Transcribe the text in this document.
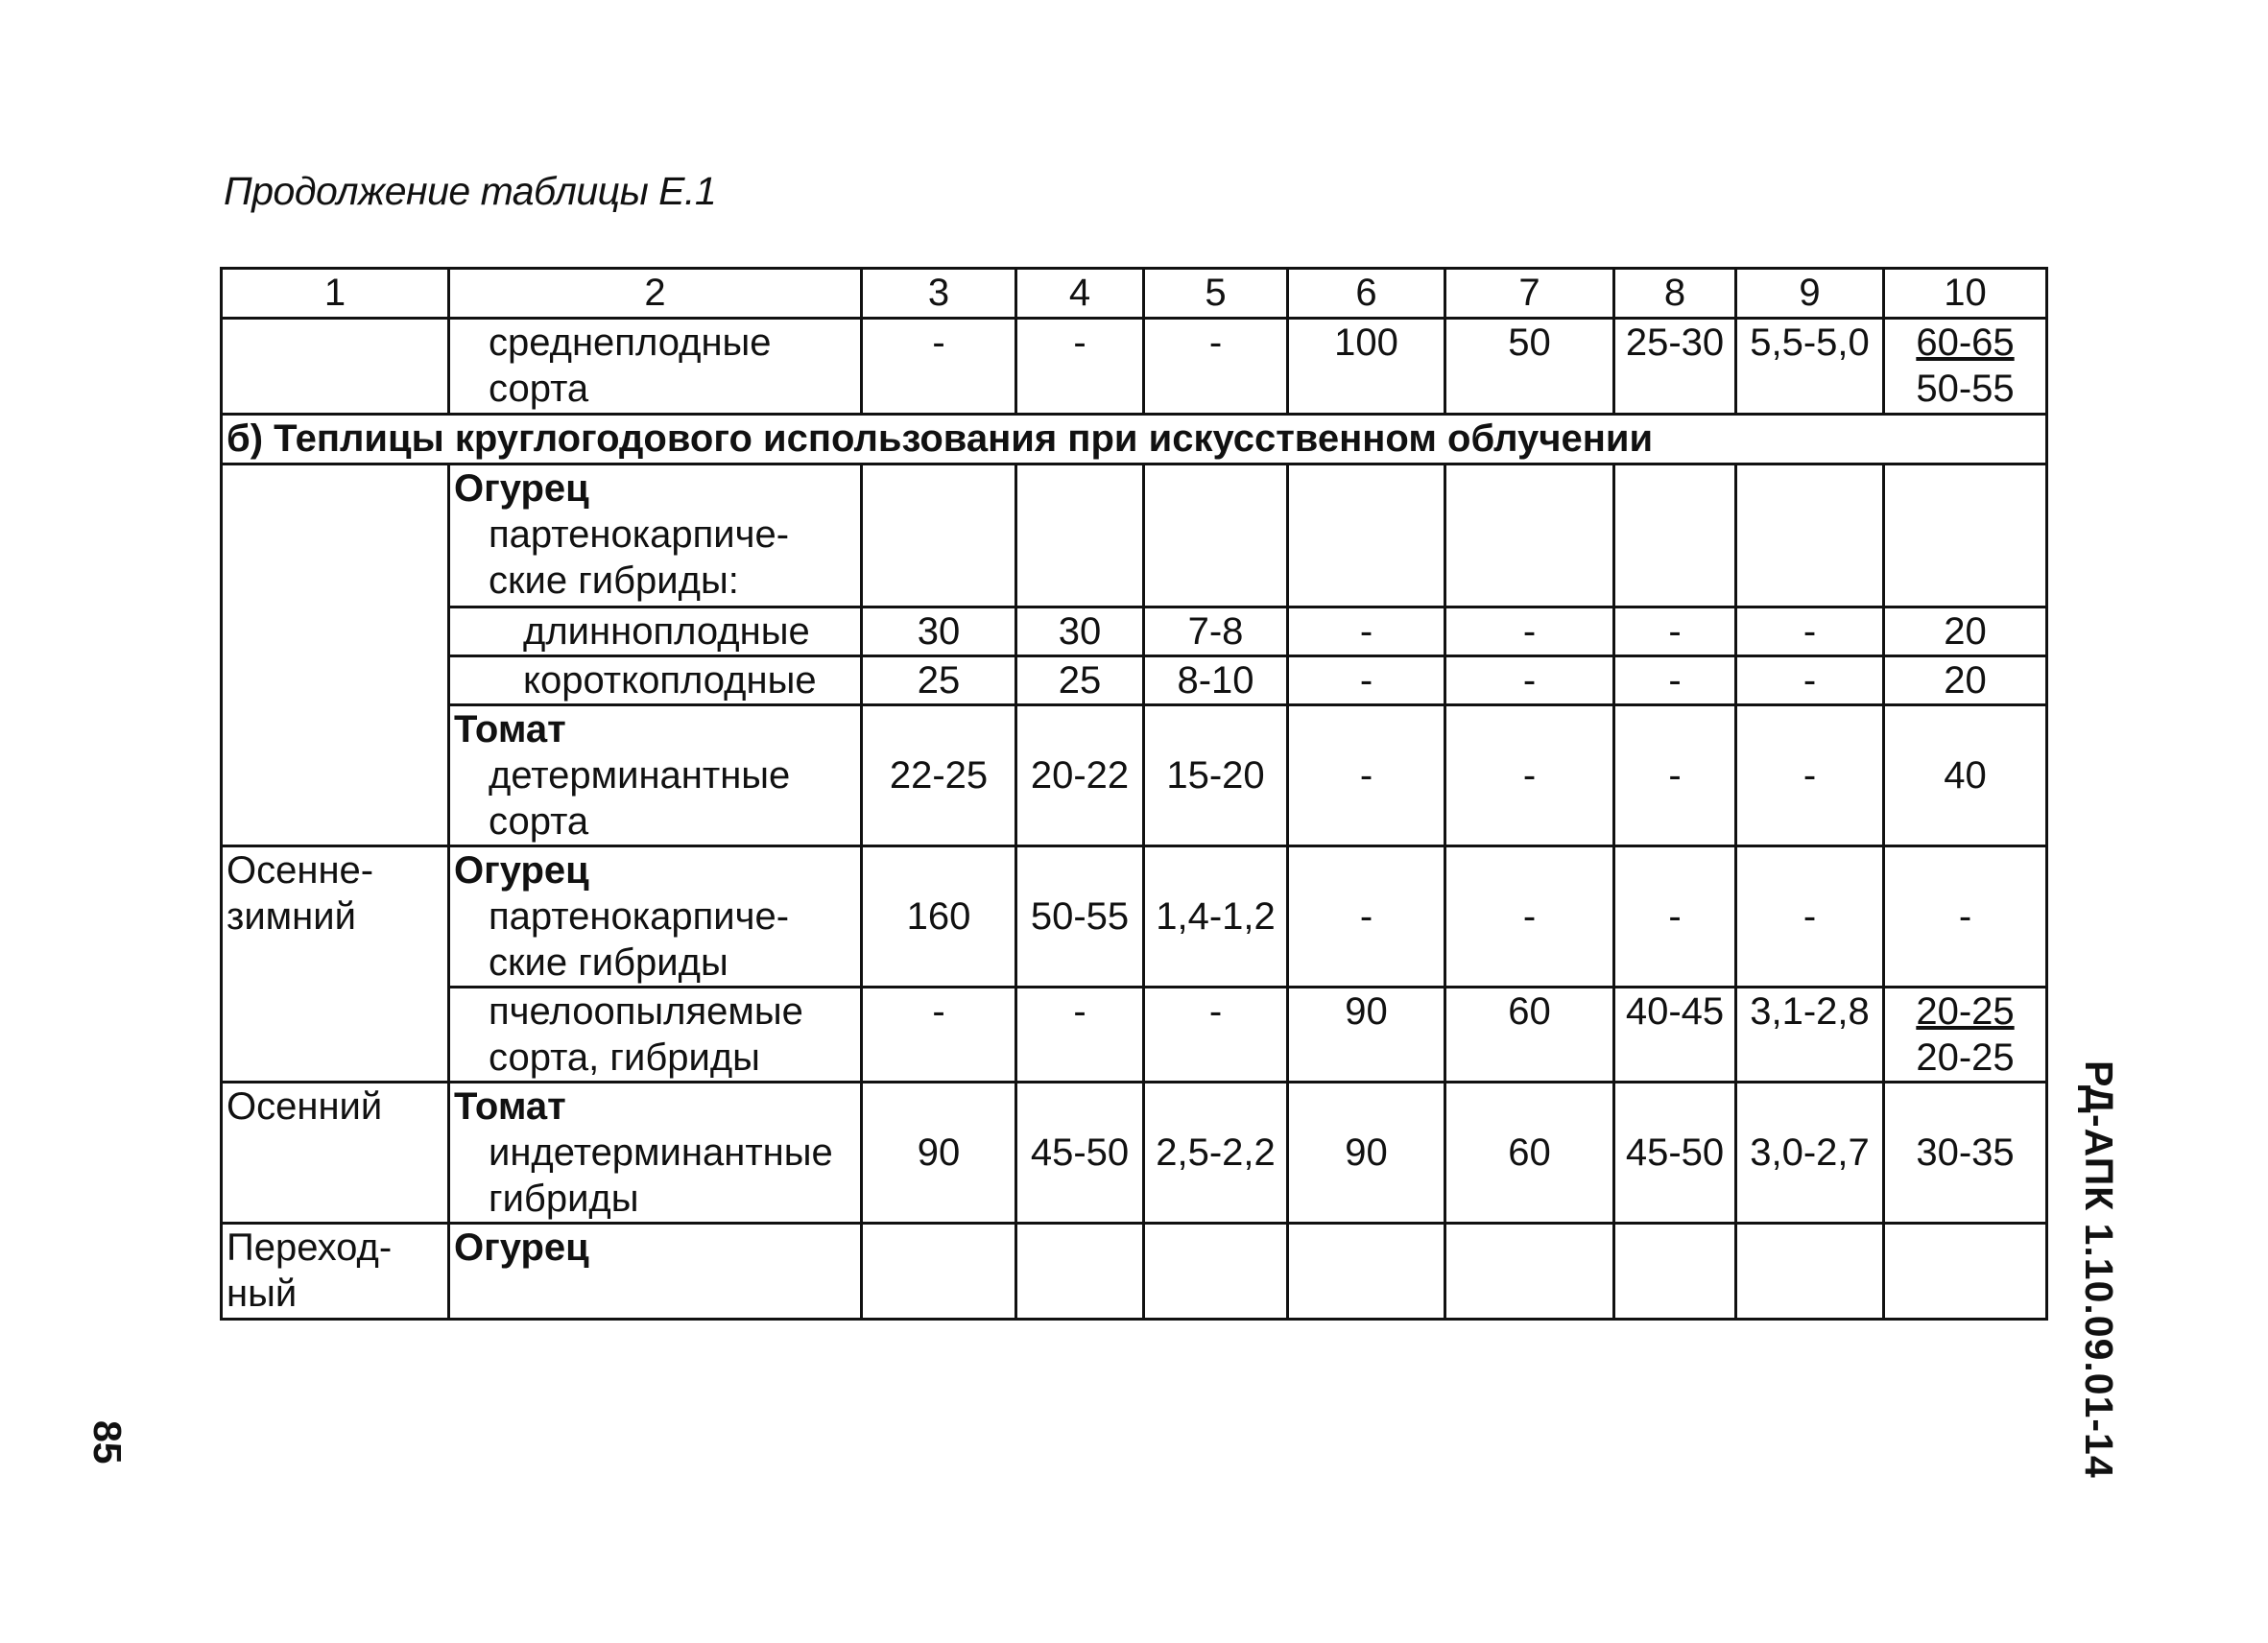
Продолжение таблицы Е.1
1	2	3	4	5	6	7	8	9	10

	среднеплодные
сорта	-	-	-	100	50	25-30	5,5-5,0	60-65
50-55

б) Теплицы круглогодового использования при искусственном облучении									

	Огурец
партенокарпиче-
ские гибриды:								

	длинноплодные	30	30	7-8	-	-	-	-	20
	короткоплодные	25	25	8-10	-	-	-	-	20

	Томат
детерминантные
сорта	22-25	20-22	15-20	-	-	-	-	40

Осенне-
зимний	Огурец
партенокарпиче-
ские гибриды	160	50-55	1,4-1,2	-	-	-	-	-

	пчелоопыляемые
сорта, гибриды	-	-	-	90	60	40-45	3,1-2,8	20-25
20-25

Осенний	Томат
индетерминантные
гибриды	90	45-50	2,5-2,2	90	60	45-50	3,0-2,7	30-35

Переход-
ный	Огурец								
									РД-АПК 1.10.09.01-14
85
